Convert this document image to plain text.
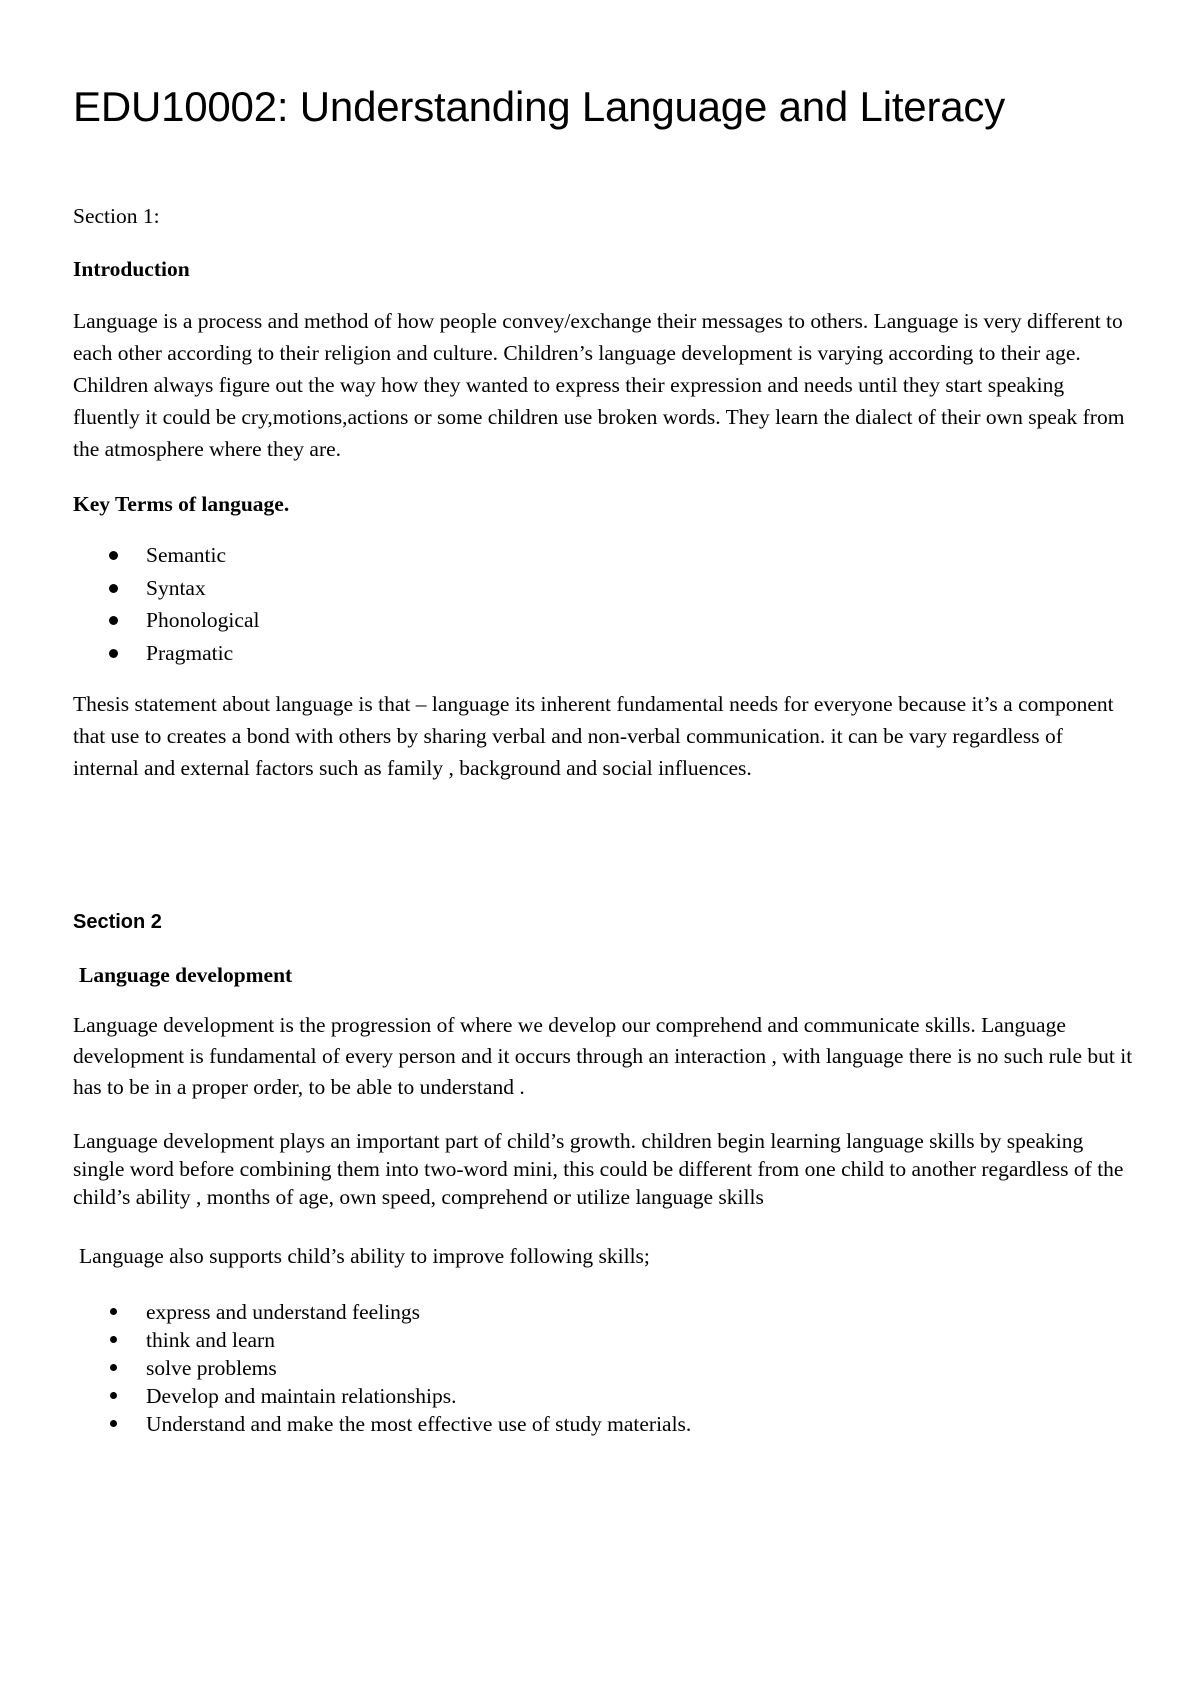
EDU10002: Understanding Language and Literacy

Section 1:

Introduction

Language is a process and method of how people convey/exchange their messages to others. Language is very different to each other according to their religion and culture. Children’s language development is varying according to their age. Children always figure out the way how they wanted to express their expression and needs until they start speaking fluently it could be cry,motions,actions or some children use broken words. They learn the dialect of their own speak from the atmosphere where they are.

Key Terms of language.

Semantic
Syntax
Phonological
Pragmatic

Thesis statement about language is that – language its inherent fundamental needs for everyone because it’s a component that use to creates a bond with others by sharing verbal and non-verbal communication. it can be vary regardless of internal and external factors such as family , background and social influences.

Section 2

Language development

Language development is the progression of where we develop our comprehend and communicate skills. Language development is fundamental of every person and it occurs through an interaction , with language there is no such rule but it has to be in a proper order, to be able to understand .

Language development plays an important part of child’s growth. children begin learning language skills by speaking single word before combining them into two-word mini, this could be different from one child to another regardless of the child’s ability , months of age, own speed, comprehend or utilize language skills

Language also supports child’s ability to improve following skills;

express and understand feelings
think and learn
solve problems
Develop and maintain relationships.
Understand and make the most effective use of study materials.
